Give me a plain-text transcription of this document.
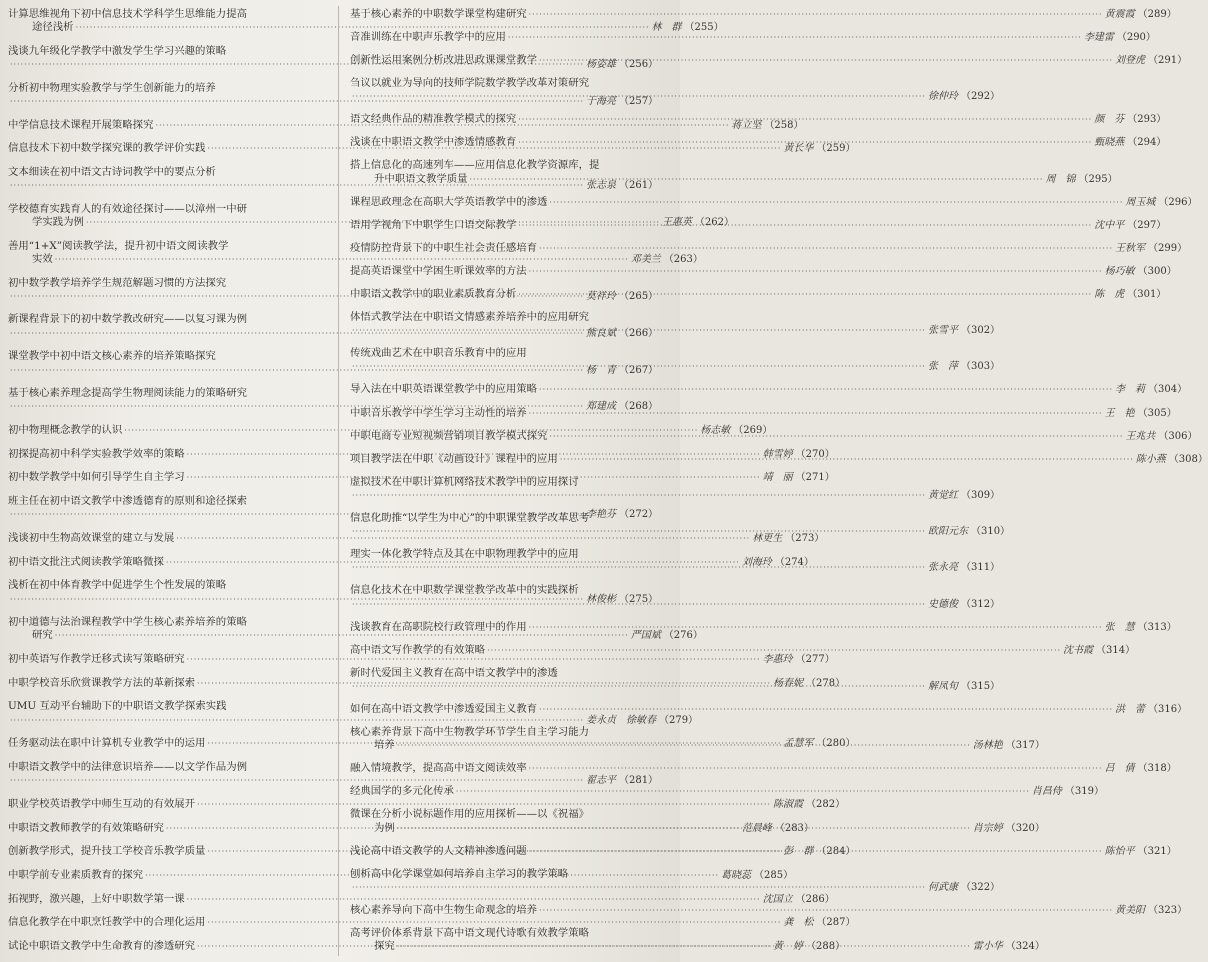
计算思维视角下初中信息技术学科学生思维能力提高
途径浅析 ·····	林　群 （255）
浅谈九年级化学教学中激发学生学习兴趣的策略
·····
杨姿雄 （256）
分析初中物理实验教学与学生创新能力的培养
·····
于海亮 （257）
中学信息技术课程开展策略探究 ·····	蒋立坚 （258）
信息技术下初中数学探究课的教学评价实践 ·····	黄长华 （259）
文本细读在初中语文古诗词教学中的要点分析
·····
张志泉 （261）
学校德育实践育人的有效途径探讨——以漳州一中研
学实践为例 ·····	王惠英 （262）
善用“1+X”阅读教学法，提升初中语文阅读教学
实效 ·····	邓美兰 （263）
初中数学教学培养学生规范解题习惯的方法探究
·····
莫祥玲 （265）
新课程背景下的初中数学教改研究——以复习课为例
·····
熊良斌 （266）
课堂教学中初中语文核心素养的培养策略探究
·····
杨　青 （267）
基于核心素养理念提高学生物理阅读能力的策略研究
·····
郑建成 （268）
初中物理概念教学的认识 ·····	杨志敏 （269）
初探提高初中科学实验教学效率的策略 ·····	韩雪婷 （270）
初中数学教学中如何引导学生自主学习 ·····	靖　丽 （271）
班主任在初中语文教学中渗透德育的原则和途径探索
·····
李艳芬 （272）
浅谈初中生物高效课堂的建立与发展 ·····	林更生 （273）
初中语文批注式阅读教学策略微探 ·····	刘海玲 （274）
浅析在初中体育教学中促进学生个性发展的策略
·····
林俊彬 （275）
初中道德与法治课程教学中学生核心素养培养的策略
研究 ·····	严国斌 （276）
初中英语写作教学迁移式读写策略研究 ·····	李惠玲 （277）
中职学校音乐欣赏课教学方法的革新探索 ·····	杨春妮 （278）
UMU 互动平台辅助下的中职语文教学探索实践
·····
姜永贞　徐敏春 （279）
任务驱动法在职中计算机专业教学中的运用 ·····	孟慧军 （280）
中职语文教学中的法律意识培养——以文学作品为例
·····
翟志平 （281）
职业学校英语教学中师生互动的有效展开 ·····	陈淑霞 （282）
中职语文教师教学的有效策略研究 ·····	范晨峰 （283）
创新教学形式，提升技工学校音乐教学质量 ·····	彭　群 （284）
中职学前专业素质教育的探究 ·····	葛晓蕊 （285）
拓视野，激兴趣，上好中职数学第一课 ·····	沈国立 （286）
信息化教学在中职烹饪教学中的合理化运用 ·····	龚　松 （287）
试论中职语文教学中生命教育的渗透研究 ·····	黄　婷 （288）
基于核心素养的中职数学课堂构建研究 ·····	黄震霞 （289）
音准训练在中职声乐教学中的应用 ·····	李建雷 （290）
创新性运用案例分析改进思政课课堂教学 ·····	刘登虎 （291）
刍议以就业为导向的技师学院数学教学改革对策研究
·····
徐仲玲 （292）
语文经典作品的精准教学模式的探究 ·····	颜　芬 （293）
浅谈在中职语文教学中渗透情感教育 ·····	甄晓燕 （294）
搭上信息化的高速列车——应用信息化教学资源库，提
升中职语文教学质量 ·····	周　锦 （295）
课程思政理念在高职大学英语教学中的渗透 ·····	周玉城 （296）
语用学视角下中职学生口语交际教学 ·····	沈中平 （297）
疫情防控背景下的中职生社会责任感培育 ·····	王秋军 （299）
提高英语课堂中学困生听课效率的方法 ·····	杨巧敏 （300）
中职语文教学中的职业素质教育分析 ·····	陈　虎 （301）
体悟式教学法在中职语文情感素养培养中的应用研究
·····
张雪平 （302）
传统戏曲艺术在中职音乐教育中的应用
·····
张　萍 （303）
导入法在中职英语课堂教学中的应用策略 ·····	李　莉 （304）
中职音乐教学中学生学习主动性的培养 ·····	王　艳 （305）
中职电商专业短视频营销项目教学模式探究 ·····	王兆共 （306）
项目教学法在中职《动画设计》课程中的应用 ·····	陈小燕 （308）
虚拟技术在中职计算机网络技术教学中的应用探讨
·····
黄觉红 （309）
信息化助推“以学生为中心”的中职课堂教学改革思考
·····
欧阳元东 （310）
理实一体化教学特点及其在中职物理教学中的应用
·····
张永亮 （311）
信息化技术在中职数学课堂教学改革中的实践探析
·····
史德俊 （312）
浅谈教育在高职院校行政管理中的作用 ·····	张　慧 （313）
高中语文写作教学的有效策略 ·····	沈书霞 （314）
新时代爱国主义教育在高中语文教学中的渗透
·····
解凤旬 （315）
如何在高中语文教学中渗透爱国主义教育 ·····	洪　蕾 （316）
核心素养背景下高中生物教学环节学生自主学习能力
培养 ·····	汤林艳 （317）
融入情境教学，提高高中语文阅读效率 ·····	吕　倩 （318）
经典国学的多元化传承 ·····	肖昌侍 （319）
微课在分析小说标题作用的应用探析——以《祝福》
为例 ·····	肖宗婷 （320）
浅论高中语文教学的人文精神渗透问题 ·····	陈怡平 （321）
刨析高中化学课堂如何培养自主学习的教学策略
·····
何武康 （322）
核心素养导向下高中生物生命观念的培养 ·····	黄美阳 （323）
高考评价体系背景下高中语文现代诗歌有效教学策略
探究 ·····	雷小华 （324）
